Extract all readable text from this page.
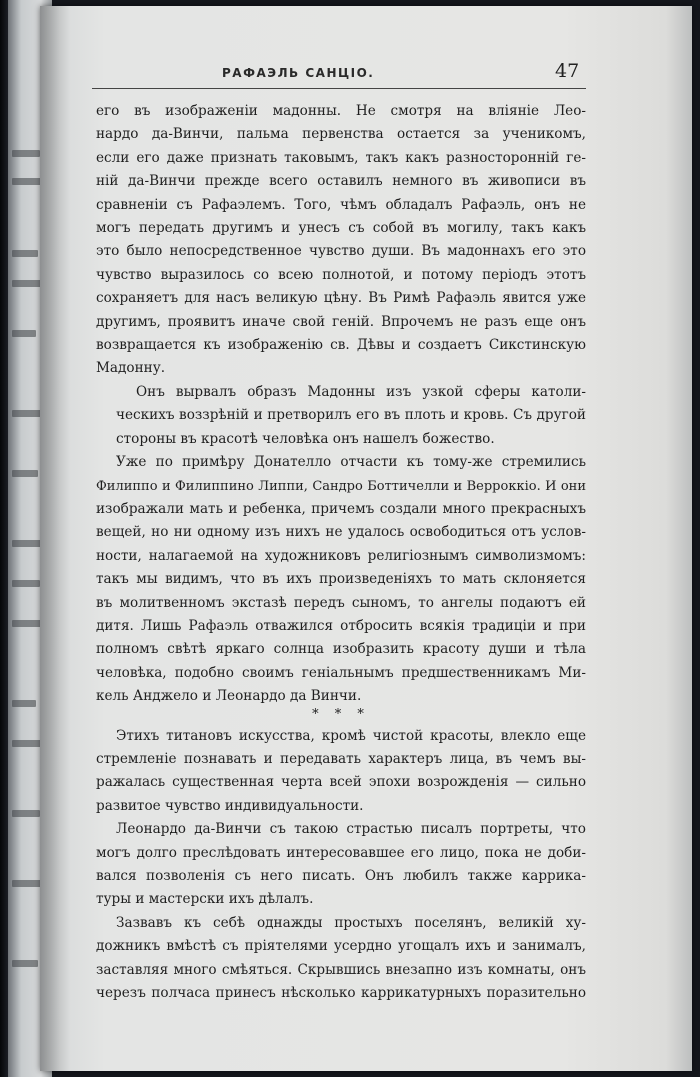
РАФАЭЛЬ САНЦІО.	47
его въ изображеніи мадонны. Не смотря на вліяніе Лео-
нардо да-Винчи, пальма первенства остается за ученикомъ,
если его даже признать таковымъ, такъ какъ разносторонній ге-
ній да-Винчи прежде всего оставилъ немного въ живописи въ
сравненіи съ Рафаэлемъ. Того, чѣмъ обладалъ Рафаэль, онъ не
могъ передать другимъ и унесъ съ собой въ могилу, такъ какъ
это было непосредственное чувство души. Въ мадоннахъ его это
чувство выразилось со всею полнотой, и потому періодъ этотъ
сохраняетъ для насъ великую цѣну. Въ Римѣ Рафаэль явится уже
другимъ, проявитъ иначе свой геній. Впрочемъ не разъ еще онъ
возвращается къ изображенію св. Дѣвы и создаетъ Сикстинскую
Мадонну.
Онъ вырвалъ образъ Мадонны изъ узкой сферы католи-
ческихъ воззрѣній и претворилъ его въ плоть и кровь. Съ другой
стороны въ красотѣ человѣка онъ нашелъ божество.
Уже по примѣру Донателло отчасти къ тому-же стремились
Филиппо и Филиппино Липпи, Сандро Боттичелли и Верроккіо. И они
изображали мать и ребенка, причемъ создали много прекрасныхъ
вещей, но ни одному изъ нихъ не удалось освободиться отъ услов-
ности, налагаемой на художниковъ религіознымъ символизмомъ:
такъ мы видимъ, что въ ихъ произведеніяхъ то мать склоняется
въ молитвенномъ экстазѣ передъ сыномъ, то ангелы подаютъ ей
дитя. Лишь Рафаэль отважился отбросить всякія традиціи и при
полномъ свѣтѣ яркаго солнца изобразить красоту души и тѣла
человѣка, подобно своимъ геніальнымъ предшественникамъ Ми-
кель Анджело и Леонардо да Винчи.
* * *
Этихъ титановъ искусства, кромѣ чистой красоты, влекло еще
стремленіе познавать и передавать характеръ лица, въ чемъ вы-
ражалась существенная черта всей эпохи возрожденія — сильно
развитое чувство индивидуальности.
Леонардо да-Винчи съ такою страстью писалъ портреты, что
могъ долго преслѣдовать интересовавшее его лицо, пока не доби-
вался позволенія съ него писать. Онъ любилъ также каррика-
туры и мастерски ихъ дѣлалъ.
Зазвавъ къ себѣ однажды простыхъ поселянъ, великій ху-
дожникъ вмѣстѣ съ пріятелями усердно угощалъ ихъ и занималъ,
заставляя много смѣяться. Скрывшись внезапно изъ комнаты, онъ
черезъ полчаса принесъ нѣсколько каррикатурныхъ поразительно
